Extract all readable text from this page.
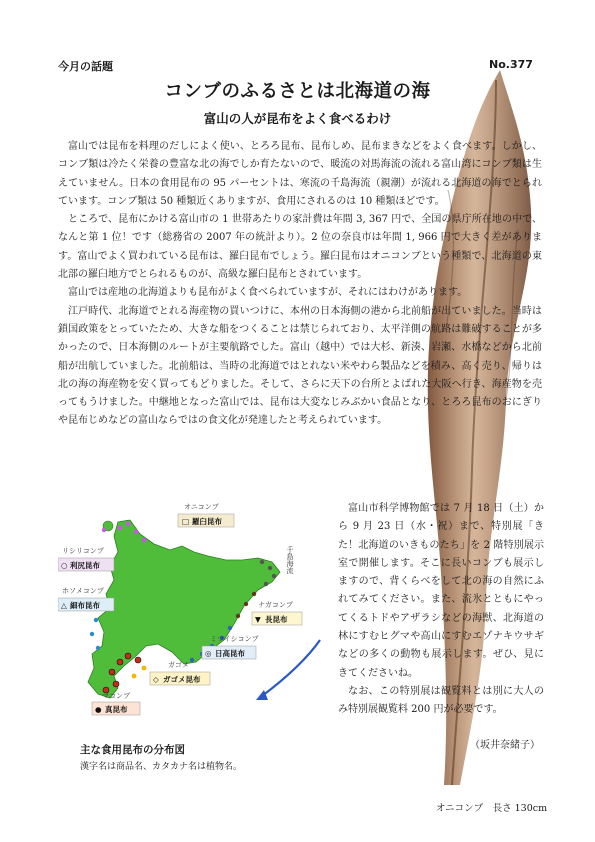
今月の話題	No.377
コンブのふるさとは北海道の海
富山の人が昆布をよく食べるわけ

富山では昆布を料理のだしによく使い、とろろ昆布、昆布しめ、昆布まきなどをよく食べます。しかし、コンブ類は冷たく栄養の豊富な北の海でしか育たないので、暖流の対馬海流の流れる富山湾にコンブ類は生えていません。日本の食用昆布の 95 パーセントは、寒流の千島海流（親潮）が流れる北海道の海でとられています。コンブ類は 50 種類近くありますが、食用にされるのは 10 種類ほどです。

ところで、昆布にかける富山市の 1 世帯あたりの家計費は年間 3, 367 円で、全国の県庁所在地の中で、なんと第 1 位！です（総務省の 2007 年の統計より）。2 位の奈良市は年間 1, 966 円で大きく差があります。富山でよく買われている昆布は、羅臼昆布でしょう。羅臼昆布はオニコンブという種類で、北海道の東北部の羅臼地方でとられるものが、高級な羅臼昆布とされています。

富山では産地の北海道よりも昆布がよく食べられていますが、それにはわけがあります。

江戸時代、北海道でとれる海産物の買いつけに、本州の日本海側の港から北前船が出ていました。当時は鎖国政策をとっていたため、大きな船をつくることは禁じられており、太平洋側の航路は難破することが多かったので、日本海側のルートが主要航路でした。富山（越中）では大杉、新湊、岩瀬、水橋などから北前船が出航していました。北前船は、当時の北海道ではとれない米やわら製品などを積み、高く売り、帰りは北の海の海産物を安く買ってもどりました。そして、さらに天下の台所とよばれた大阪へ行き、海産物を売ってもうけました。中継地となった富山では、昆布は大変なじみぶかい食品となり、とろろ昆布のおにぎりや昆布じめなどの富山ならではの食文化が発達したと考えられています。

オニコンブ
□ 羅臼昆布
リシリコンブ
○ 利尻昆布
ホソメコンブ
△ 細布昆布	ナガコンブ
▼ 長昆布
ミツイシコンブ
◎ 日高昆布
ガゴメ
◇ ガゴメ昆布
マコンブ
● 真昆布
千島海流
主な食用昆布の分布図
漢字名は商品名、カタカナ名は植物名。

富山市科学博物館では 7 月 18 日（土）から 9 月 23 日（水・祝）まで、特別展「きた！北海道のいきものたち」を 2 階特別展示室で開催します。そこに長いコンブも展示しますので、背くらべをして北の海の自然にふれてみてください。また、流氷とともにやってくるトドやアザラシなどの海獣、北海道の林にすむヒグマや高山にすむエゾナキウサギなどの多くの動物も展示します。ぜひ、見にきてくださいね。

なお、この特別展は観覧料とは別に大人のみ特別展観覧料 200 円が必要です。

（坂井奈緒子）
オニコンブ　長さ 130cm
